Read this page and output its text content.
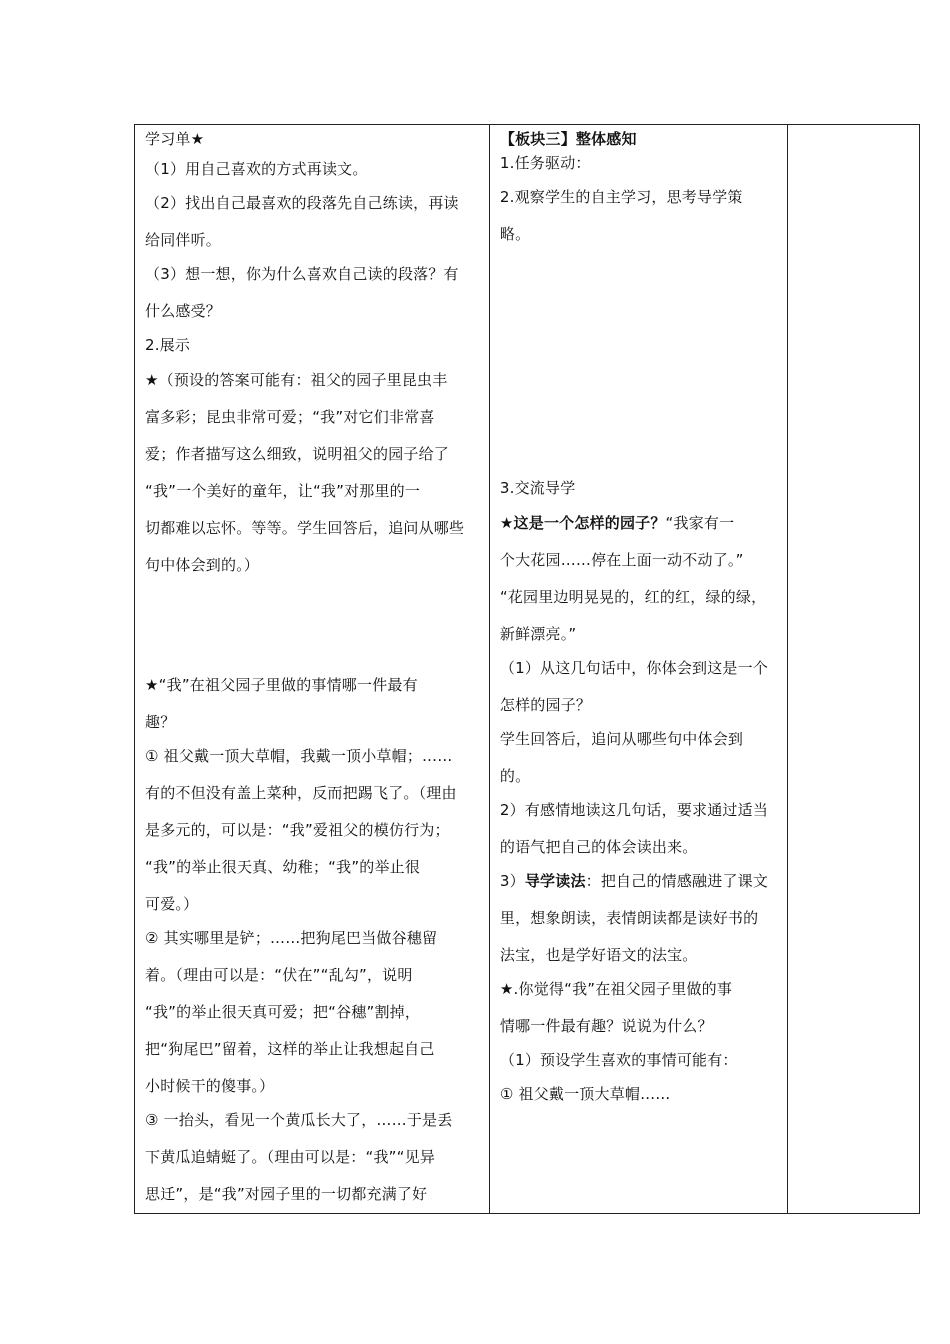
学习单★
（1）用自己喜欢的方式再读文。
（2）找出自己最喜欢的段落先自己练读，再读
给同伴听。
（3）想一想，你为什么喜欢自己读的段落？有
什么感受？
2.展示
★（预设的答案可能有：祖父的园子里昆虫丰
富多彩；昆虫非常可爱；“我”对它们非常喜
爱；作者描写这么细致，说明祖父的园子给了
“我”一个美好的童年，让“我”对那里的一
切都难以忘怀。等等。学生回答后，追问从哪些
句中体会到的。）
★“我”在祖父园子里做的事情哪一件最有
趣？
① 祖父戴一顶大草帽，我戴一顶小草帽；……
有的不但没有盖上菜种，反而把踢飞了。（理由
是多元的，可以是：“我”爱祖父的模仿行为；
“我”的举止很天真、幼稚；“我”的举止很
可爱。）
② 其实哪里是铲；……把狗尾巴当做谷穗留
着。（理由可以是：“伏在”“乱勾”，说明
“我”的举止很天真可爱；把“谷穗”割掉，
把“狗尾巴”留着，这样的举止让我想起自己
小时候干的傻事。）
③ 一抬头，看见一个黄瓜长大了，……于是丢
下黄瓜追蜻蜓了。（理由可以是：“我”“见异
思迁”，是“我”对园子里的一切都充满了好

【板块三】整体感知
1.任务驱动：
2.观察学生的自主学习，思考导学策
略。
3.交流导学
★这是一个怎样的园子？“我家有一
个大花园……停在上面一动不动了。”
“花园里边明晃晃的，红的红，绿的绿，
新鲜漂亮。”
（1）从这几句话中，你体会到这是一个
怎样的园子？
学生回答后，追问从哪些句中体会到
的。
2）有感情地读这几句话，要求通过适当
的语气把自己的体会读出来。
3）导学读法：把自己的情感融进了课文
里，想象朗读，表情朗读都是读好书的
法宝，也是学好语文的法宝。
★.你觉得“我”在祖父园子里做的事
情哪一件最有趣？说说为什么？
（1）预设学生喜欢的事情可能有：
① 祖父戴一顶大草帽……
